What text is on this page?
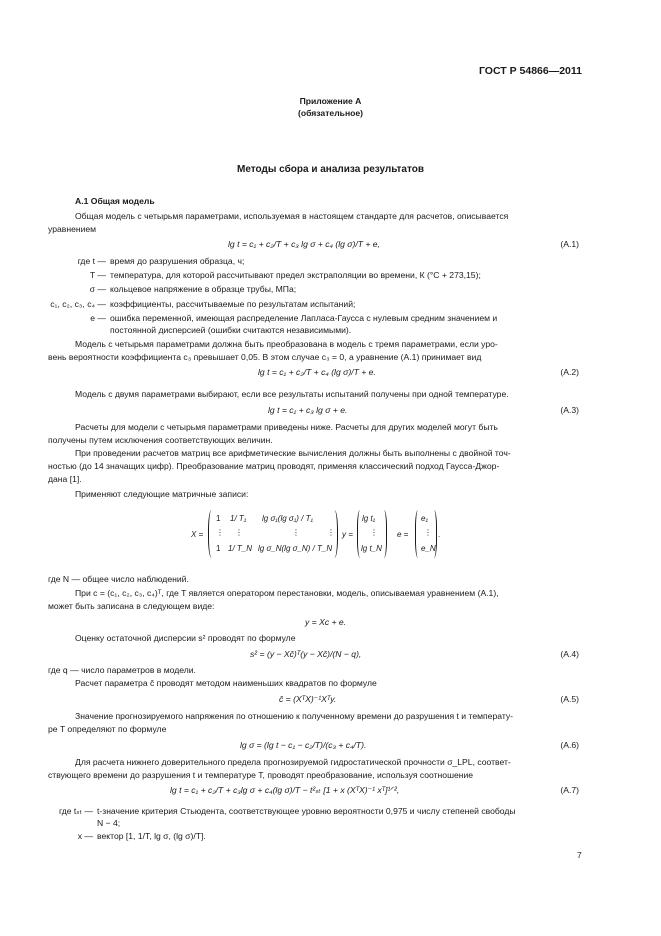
ГОСТ Р 54866—2011
Приложение А
(обязательное)
Методы сбора и анализа результатов
А.1 Общая модель
Общая модель с четырьмя параметрами, используемая в настоящем стандарте для расчетов, описывается
уравнением
lg t = c₁ + c₂/T + c₃ lg σ + c₄ (lg σ)/T + e,	(A.1)
где t — время до разрушения образца, ч;
T — температура, для которой рассчитывают предел экстраполяции во времени, К (°С + 273,15);
σ — кольцевое напряжение в образце трубы, МПа;
c₁, c₂, c₃, c₄ — коэффициенты, рассчитываемые по результатам испытаний;
e — ошибка переменной, имеющая распределение Лапласа-Гаусса с нулевым средним значением и
постоянной дисперсией (ошибки считаются независимыми).
Модель с четырьмя параметрами должна быть преобразована в модель с тремя параметрами, если уро-
вень вероятности коэффициента c₃ превышает 0,05. В этом случае c₃ = 0, а уравнение (А.1) принимает вид
lg t = c₁ + c₂/T + c₄ (lg σ)/T + e.	(A.2)
Модель с двумя параметрами выбирают, если все результаты испытаний получены при одной температуре.
lg t = c₁ + c₃ lg σ + e.	(A.3)
Расчеты для модели с четырьмя параметрами приведены ниже. Расчеты для других моделей могут быть
получены путем исключения соответствующих величин.
При проведении расчетов матриц все арифметические вычисления должны быть выполнены с двойной точ-
ностью (до 14 значащих цифр). Преобразование матриц проводят, применяя классический подход Гаусса-Джор-
дана [1].
Применяют следующие матричные записи:
X =
1 1/ T₁ lg σ₁(lg σ₁) / T₁
⋮ ⋮	⋮	⋮
1 1/ T_N lg σ_N(lg σ_N) / T_N
y =
lg t₁
⋮
lg t_N
e =
e₁
⋮
e_N
.
где N — общее число наблюдений.
При c = (c₁, c₂, c₃, c₄)ᵀ, где T является оператором перестановки, модель, описываемая уравнением (А.1),
может быть записана в следующем виде:
y = Xc + e.
Оценку остаточной дисперсии s² проводят по формуле
s² = (y − Xĉ)ᵀ(y − Xĉ)/(N − q),	(A.4)
где q — число параметров в модели.
Расчет параметра ĉ проводят методом наименьших квадратов по формуле
ĉ = (XᵀX)⁻¹Xᵀy.	(A.5)
Значение прогнозируемого напряжения по отношению к полученному времени до разрушения t и температу-
ре T определяют по формуле
lg σ = (lg t − c₁ − c₂/T)/(c₃ + c₄/T).	(A.6)
Для расчета нижнего доверительного предела прогнозируемой гидростатической прочности σ_LPL, соответ-
ствующего времени до разрушения t и температуре T, проводят преобразование, используя соотношение
lg t = c₁ + c₂/T + c₃lg σ + c₄(lg σ)/T − t²ₛₜ [1 + x (XᵀX)⁻¹ xᵀ]¹ᐟ²,	(A.7)
где tₛₜ — t-значение критерия Стьюдента, соответствующее уровню вероятности 0,975 и числу степеней свободы
N − 4;
x — вектор [1, 1/T, lg σ, (lg σ)/T].
7
